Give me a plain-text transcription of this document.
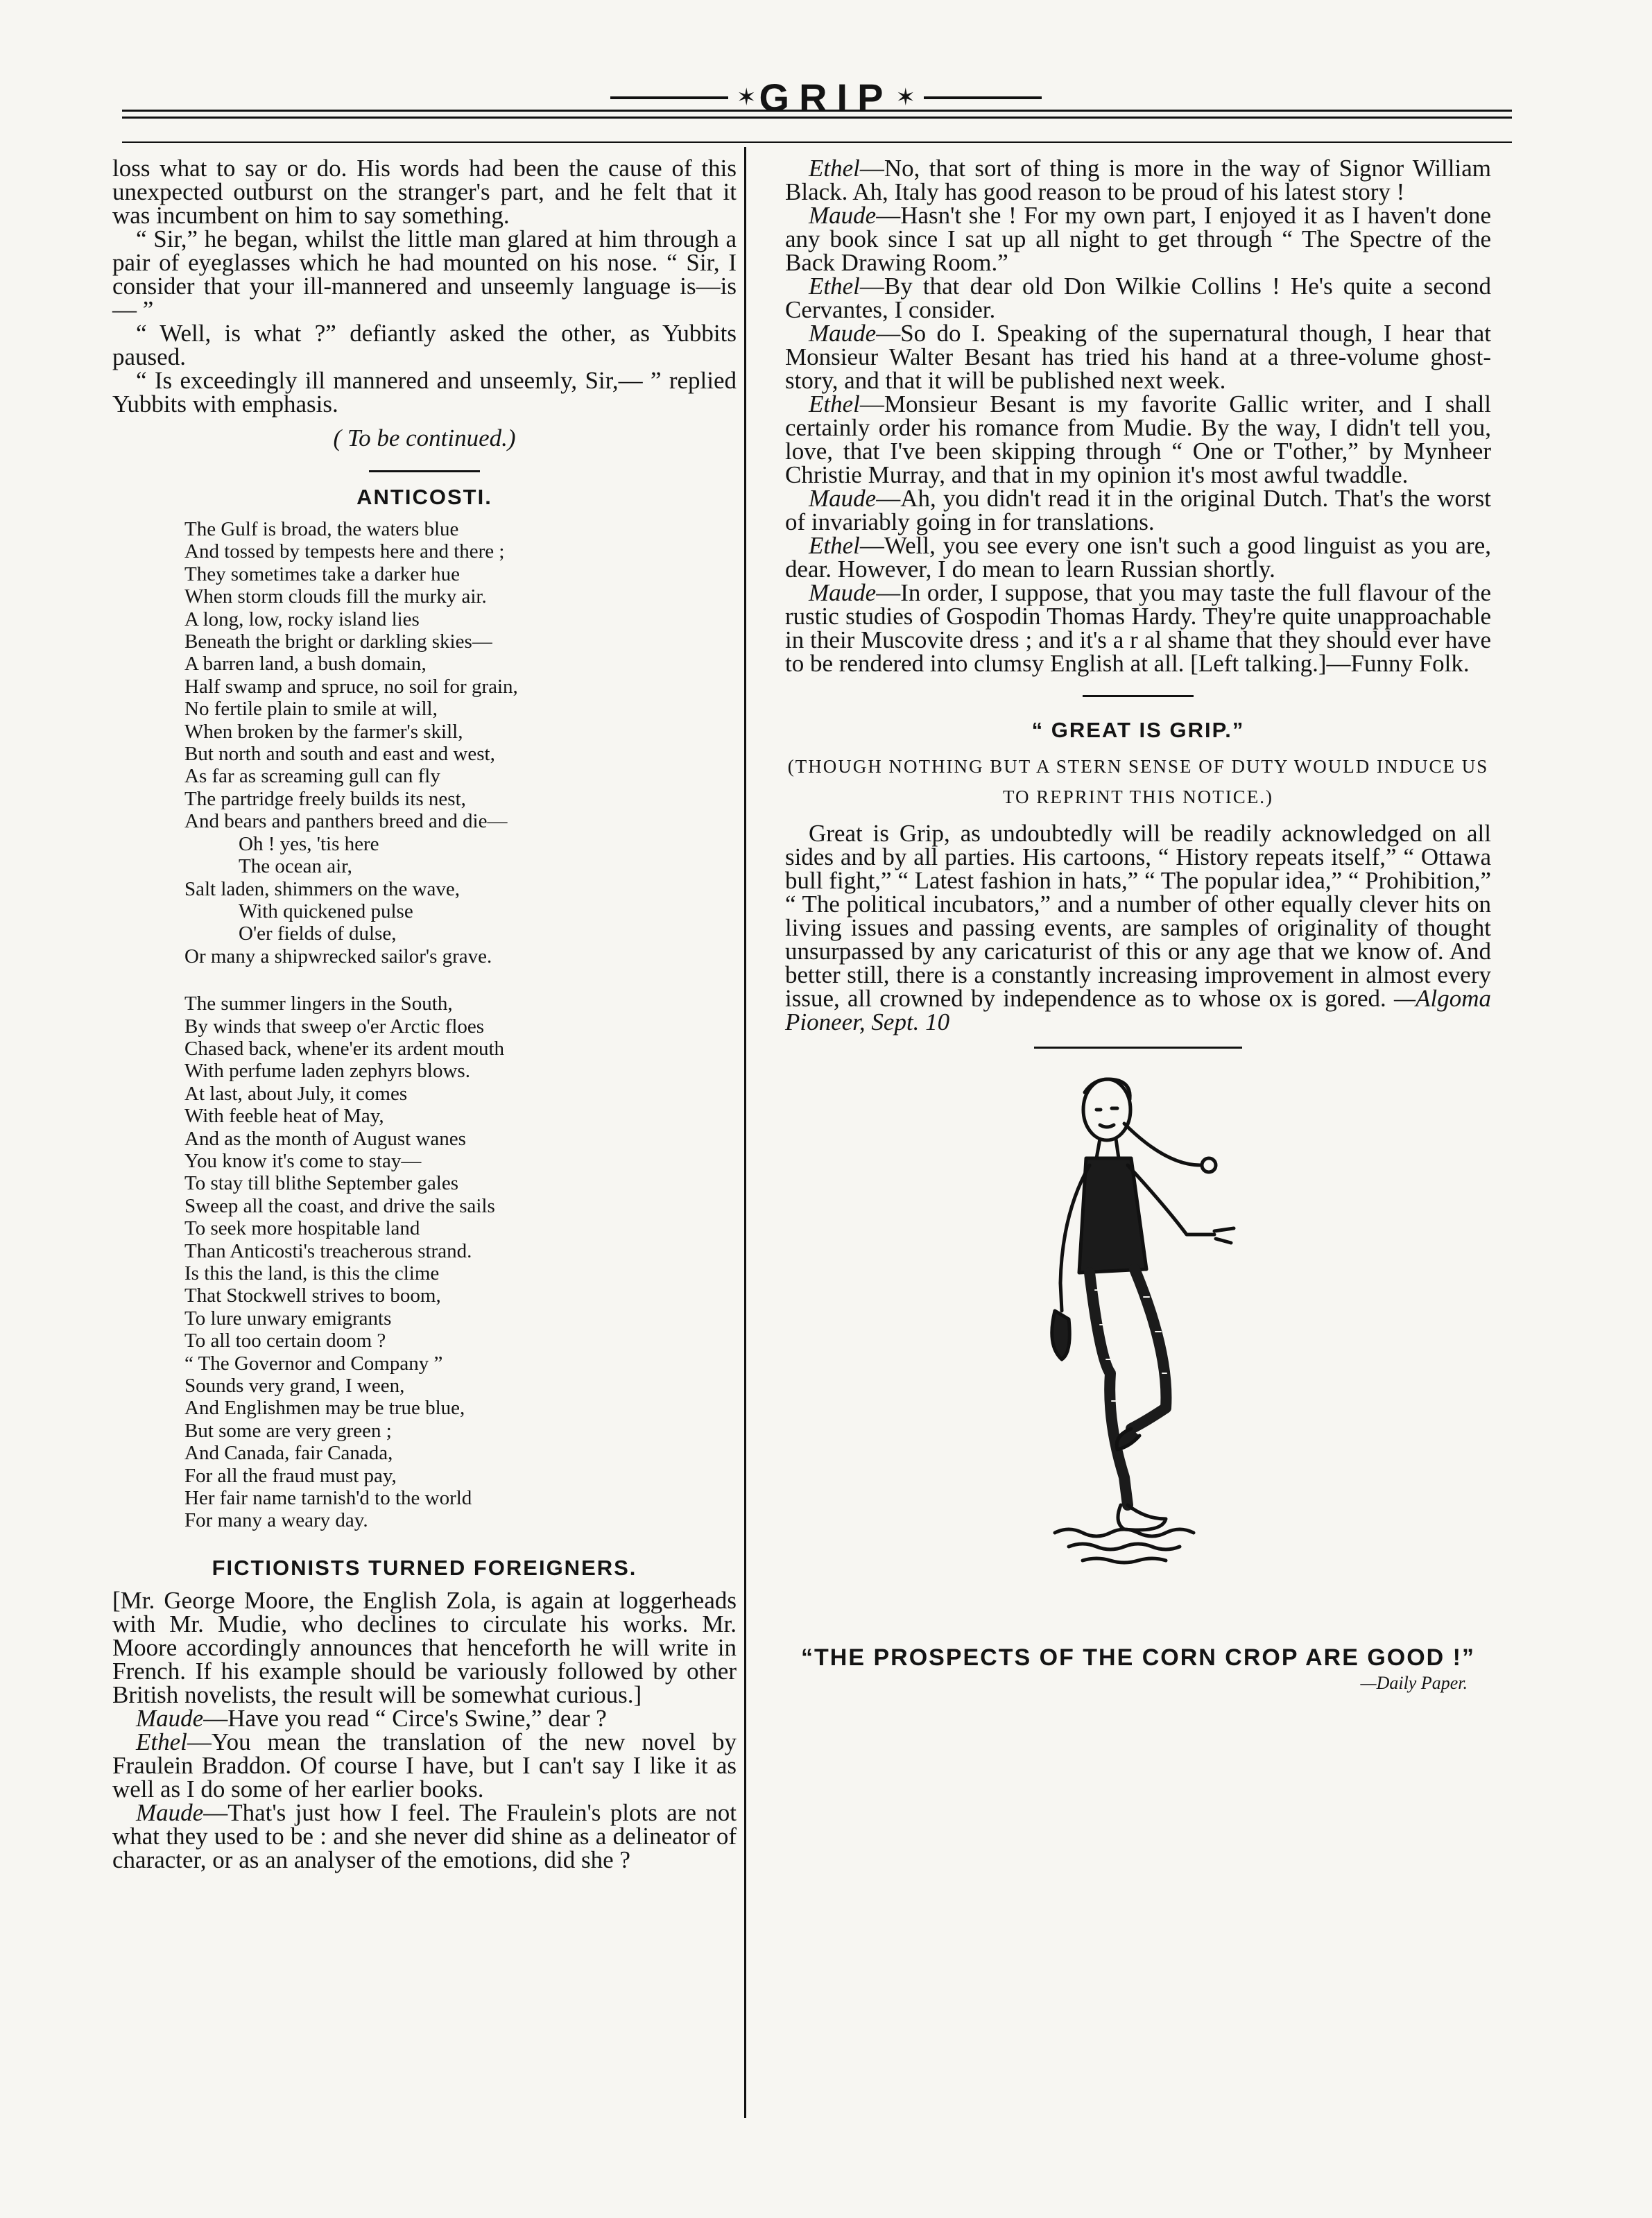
✶ GRIP ✶

loss what to say or do. His words had been the cause of this unexpected outburst on the stranger's part, and he felt that it was incumbent on him to say something.

“ Sir,” he began, whilst the little man glared at him through a pair of eyeglasses which he had mounted on his nose. “ Sir, I consider that your ill-mannered and unseemly language is—is— ”

“ Well, is what ?” defiantly asked the other, as Yubbits paused.

“ Is exceedingly ill mannered and unseemly, Sir,— ” replied Yubbits with emphasis.

( To be continued.)
ANTICOSTI.
The Gulf is broad, the waters blue
And tossed by tempests here and there ;
They sometimes take a darker hue
When storm clouds fill the murky air.
A long, low, rocky island lies
Beneath the bright or darkling skies—
A barren land, a bush domain,
Half swamp and spruce, no soil for grain,
No fertile plain to smile at will,
When broken by the farmer's skill,
But north and south and east and west,
As far as screaming gull can fly
The partridge freely builds its nest,
And bears and panthers breed and die—
Oh ! yes, 'tis here
The ocean air,
Salt laden, shimmers on the wave,
With quickened pulse
O'er fields of dulse,
Or many a shipwrecked sailor's grave.
The summer lingers in the South,
By winds that sweep o'er Arctic floes
Chased back, whene'er its ardent mouth
With perfume laden zephyrs blows.
At last, about July, it comes
With feeble heat of May,
And as the month of August wanes
You know it's come to stay—
To stay till blithe September gales
Sweep all the coast, and drive the sails
To seek more hospitable land
Than Anticosti's treacherous strand.
Is this the land, is this the clime
That Stockwell strives to boom,
To lure unwary emigrants
To all too certain doom ?
“ The Governor and Company ”
Sounds very grand, I ween,
And Englishmen may be true blue,
But some are very green ;
And Canada, fair Canada,
For all the fraud must pay,
Her fair name tarnish'd to the world
For many a weary day.
FICTIONISTS TURNED FOREIGNERS.

[Mr. George Moore, the English Zola, is again at loggerheads with Mr. Mudie, who declines to circulate his works. Mr. Moore accordingly announces that henceforth he will write in French. If his example should be variously followed by other British novelists, the result will be somewhat curious.]

Maude—Have you read “ Circe's Swine,” dear ?

Ethel—You mean the translation of the new novel by Fraulein Braddon. Of course I have, but I can't say I like it as well as I do some of her earlier books.

Maude—That's just how I feel. The Fraulein's plots are not what they used to be : and she never did shine as a delineator of character, or as an analyser of the emotions, did she ?

Ethel—No, that sort of thing is more in the way of Signor William Black. Ah, Italy has good reason to be proud of his latest story !

Maude—Hasn't she ! For my own part, I enjoyed it as I haven't done any book since I sat up all night to get through “ The Spectre of the Back Drawing Room.”

Ethel—By that dear old Don Wilkie Collins ! He's quite a second Cervantes, I consider.

Maude—So do I. Speaking of the supernatural though, I hear that Monsieur Walter Besant has tried his hand at a three-volume ghost-story, and that it will be published next week.

Ethel—Monsieur Besant is my favorite Gallic writer, and I shall certainly order his romance from Mudie. By the way, I didn't tell you, love, that I've been skipping through “ One or T'other,” by Mynheer Christie Murray, and that in my opinion it's most awful twaddle.

Maude—Ah, you didn't read it in the original Dutch. That's the worst of invariably going in for translations.

Ethel—Well, you see every one isn't such a good linguist as you are, dear. However, I do mean to learn Russian shortly.

Maude—In order, I suppose, that you may taste the full flavour of the rustic studies of Gospodin Thomas Hardy. They're quite unapproachable in their Muscovite dress ; and it's a r al shame that they should ever have to be rendered into clumsy English at all. [Left talking.]—Funny Folk.

“ GREAT IS GRIP.”
(THOUGH NOTHING BUT A STERN SENSE OF DUTY WOULD INDUCE US TO REPRINT THIS NOTICE.)

Great is Grip, as undoubtedly will be readily acknowledged on all sides and by all parties. His cartoons, “ History repeats itself,” “ Ottawa bull fight,” “ Latest fashion in hats,” “ The popular idea,” “ Prohibition,” “ The political incubators,” and a number of other equally clever hits on living issues and passing events, are samples of originality of thought unsurpassed by any caricaturist of this or any age that we know of. And better still, there is a constantly increasing improvement in almost every issue, all crowned by independence as to whose ox is gored. —Algoma Pioneer, Sept. 10

“THE PROSPECTS OF THE CORN CROP ARE GOOD !”
—Daily Paper.
